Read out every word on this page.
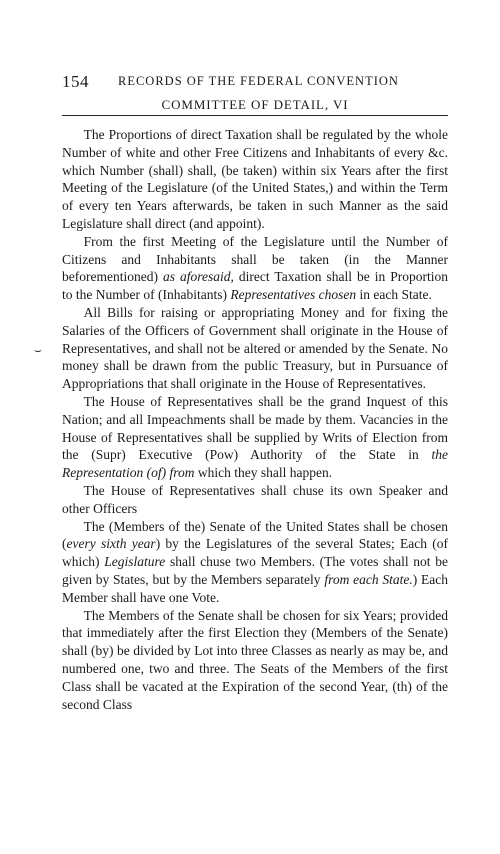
154 RECORDS OF THE FEDERAL CONVENTION
COMMITTEE OF DETAIL, VI
⌣

The Proportions of direct Taxation shall be regulated by the whole Number of white and other Free Citizens and Inhabitants of every &c. which Number (shall) shall, (be taken) within six Years after the first Meeting of the Legislature (of the United States,) and within the Term of every ten Years afterwards, be taken in such Manner as the said Legislature shall direct (and appoint).

From the first Meeting of the Legislature until the Number of Citizens and Inhabitants shall be taken (in the Manner beforementioned) as aforesaid, direct Taxation shall be in Proportion to the Number of (Inhabitants) Representatives chosen in each State.

All Bills for raising or appropriating Money and for fixing the Salaries of the Officers of Government shall originate in the House of Representatives, and shall not be altered or amended by the Senate. No money shall be drawn from the public Treasury, but in Pursuance of Appropriations that shall originate in the House of Representatives.

The House of Representatives shall be the grand Inquest of this Nation; and all Impeachments shall be made by them. Vacancies in the House of Representatives shall be supplied by Writs of Election from the (Supr) Executive (Pow) Authority of the State in the Representation (of) from which they shall happen.

The House of Representatives shall chuse its own Speaker and other Officers

The (Members of the) Senate of the United States shall be chosen (every sixth year) by the Legislatures of the several States; Each (of which) Legislature shall chuse two Members. (The votes shall not be given by States, but by the Members separately from each State.) Each Member shall have one Vote.

The Members of the Senate shall be chosen for six Years; provided that immediately after the first Election they (Members of the Senate) shall (by) be divided by Lot into three Classes as nearly as may be, and numbered one, two and three. The Seats of the Members of the first Class shall be vacated at the Expiration of the second Year, (th) of the second Class
